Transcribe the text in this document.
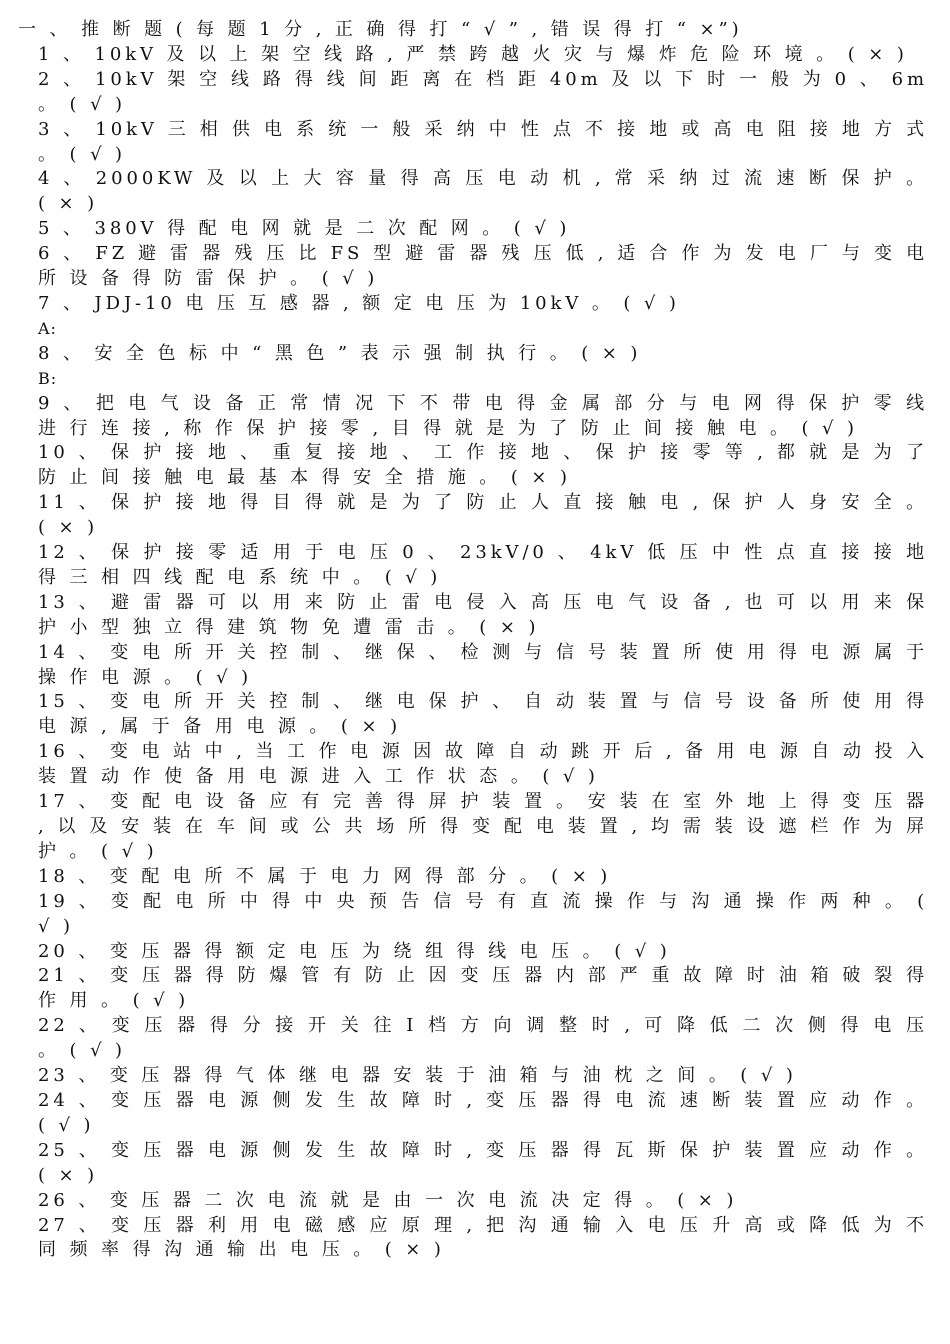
一 、 推 断 题 ( 每 题 1 分 , 正 确 得 打 “ √ ” , 错 误 得 打 “ ×”)
1 、 10kV 及 以 上 架 空 线 路 , 严 禁 跨 越 火 灾 与 爆 炸 危 险 环 境 。 ( × )
2 、 10kV 架 空 线 路 得 线 间 距 离 在 档 距 40m 及 以 下 时 一 般 为 0 、 6m 。 ( √ )
3 、 10kV 三 相 供 电 系 统 一 般 采 纳 中 性 点 不 接 地 或 高 电 阻 接 地 方 式 。 ( √ )
4 、 2000KW 及 以 上 大 容 量 得 高 压 电 动 机 , 常 采 纳 过 流 速 断 保 护 。 ( × )
5 、 380V 得 配 电 网 就 是 二 次 配 网 。 ( √ )
6 、 FZ 避 雷 器 残 压 比 FS 型 避 雷 器 残 压 低 , 适 合 作 为 发 电 厂 与 变 电 所 设 备 得 防 雷 保 护 。 ( √ )
7 、 JDJ-10 电 压 互 感 器 , 额 定 电 压 为 10kV 。 ( √ )
A:
8 、 安 全 色 标 中 “ 黑 色 ” 表 示 强 制 执 行 。 ( × )
B:
9 、 把 电 气 设 备 正 常 情 况 下 不 带 电 得 金 属 部 分 与 电 网 得 保 护 零 线 进 行 连 接 , 称 作 保 护 接 零 , 目 得 就 是 为 了 防 止 间 接 触 电 。 ( √ )
10 、 保 护 接 地 、 重 复 接 地 、 工 作 接 地 、 保 护 接 零 等 , 都 就 是 为 了 防 止 间 接 触 电 最 基 本 得 安 全 措 施 。 ( × )
11 、 保 护 接 地 得 目 得 就 是 为 了 防 止 人 直 接 触 电 , 保 护 人 身 安 全 。 ( × )
12 、 保 护 接 零 适 用 于 电 压 0 、 23kV/0 、 4kV 低 压 中 性 点 直 接 接 地 得 三 相 四 线 配 电 系 统 中 。 ( √ )
13 、 避 雷 器 可 以 用 来 防 止 雷 电 侵 入 高 压 电 气 设 备 , 也 可 以 用 来 保 护 小 型 独 立 得 建 筑 物 免 遭 雷 击 。 ( × )
14 、 变 电 所 开 关 控 制 、 继 保 、 检 测 与 信 号 装 置 所 使 用 得 电 源 属 于 操 作 电 源 。 ( √ )
15 、 变 电 所 开 关 控 制 、 继 电 保 护 、 自 动 装 置 与 信 号 设 备 所 使 用 得 电 源 , 属 于 备 用 电 源 。 ( × )
16 、 变 电 站 中 , 当 工 作 电 源 因 故 障 自 动 跳 开 后 , 备 用 电 源 自 动 投 入 装 置 动 作 使 备 用 电 源 进 入 工 作 状 态 。 ( √ )
17 、 变 配 电 设 备 应 有 完 善 得 屏 护 装 置 。 安 装 在 室 外 地 上 得 变 压 器 , 以 及 安 装 在 车 间 或 公 共 场 所 得 变 配 电 装 置 , 均 需 装 设 遮 栏 作 为 屏 护 。 ( √ )
18 、 变 配 电 所 不 属 于 电 力 网 得 部 分 。 ( × )
19 、 变 配 电 所 中 得 中 央 预 告 信 号 有 直 流 操 作 与 沟 通 操 作 两 种 。 ( √ )
20 、 变 压 器 得 额 定 电 压 为 绕 组 得 线 电 压 。 ( √ )
21 、 变 压 器 得 防 爆 管 有 防 止 因 变 压 器 内 部 严 重 故 障 时 油 箱 破 裂 得 作 用 。 ( √ )
22 、 变 压 器 得 分 接 开 关 往 Ⅰ 档 方 向 调 整 时 , 可 降 低 二 次 侧 得 电 压 。 ( √ )
23 、 变 压 器 得 气 体 继 电 器 安 装 于 油 箱 与 油 枕 之 间 。 ( √ )
24 、 变 压 器 电 源 侧 发 生 故 障 时 , 变 压 器 得 电 流 速 断 装 置 应 动 作 。 ( √ )
25 、 变 压 器 电 源 侧 发 生 故 障 时 , 变 压 器 得 瓦 斯 保 护 装 置 应 动 作 。 ( × )
26 、 变 压 器 二 次 电 流 就 是 由 一 次 电 流 决 定 得 。 ( × )
27 、 变 压 器 利 用 电 磁 感 应 原 理 , 把 沟 通 输 入 电 压 升 高 或 降 低 为 不 同 频 率 得 沟 通 输 出 电 压 。 ( × )
